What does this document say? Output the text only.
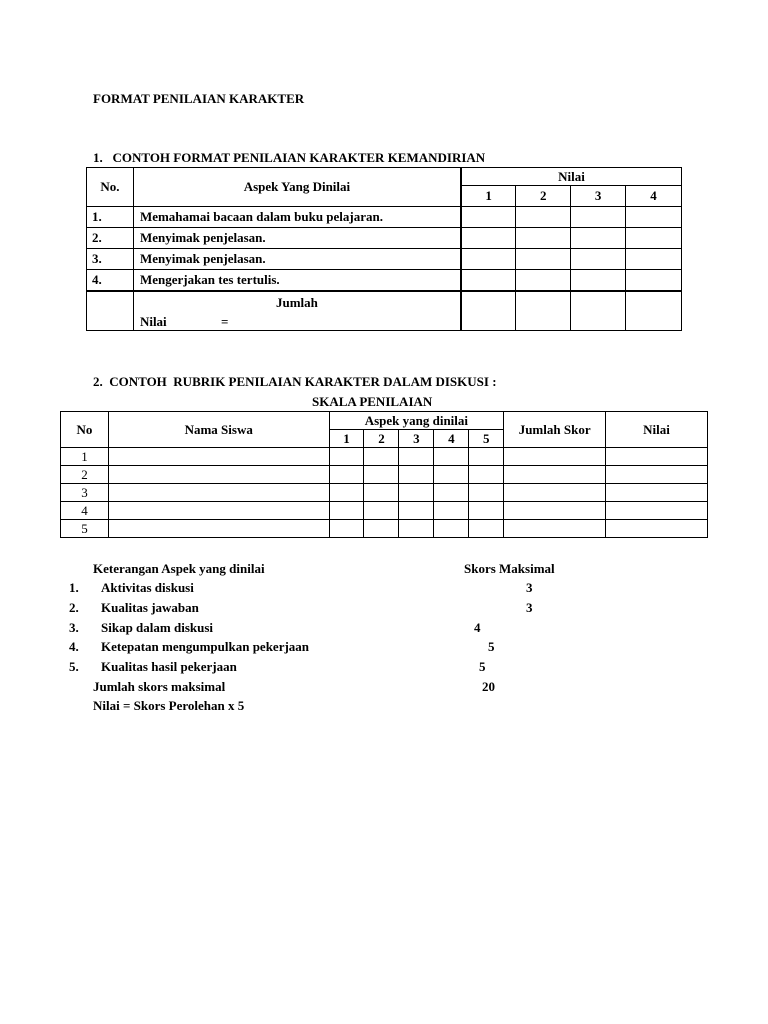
FORMAT PENILAIAN KARAKTER
1.   CONTOH FORMAT PENILAIAN KARAKTER KEMANDIRIAN
No.	Aspek Yang Dinilai	Nilai			
		1	2	3	4
1.	Memahamai bacaan dalam buku pelajaran.				
2.	Menyimak penjelasan.				
3.	Menyimak penjelasan.				
4.	Mengerjakan tes tertulis.				

	Jumlah
Nilai =				

2.  CONTOH  RUBRIK PENILAIAN KARAKTER DALAM DISKUSI :
SKALA PENILAIAN
No	Nama Siswa	Aspek yang dinilai					Jumlah Skor	Nilai
		1	2	3	4	5		
1								
2								
3								
4								
5								
Keterangan Aspek yang dinilai	Skors Maksimal
1. Aktivitas diskusi	3
2. Kualitas jawaban	3
3. Sikap dalam diskusi	4
4. Ketepatan mengumpulkan pekerjaan	5
5. Kualitas hasil pekerjaan	5
Jumlah skors maksimal	20
Nilai = Skors Perolehan x 5
